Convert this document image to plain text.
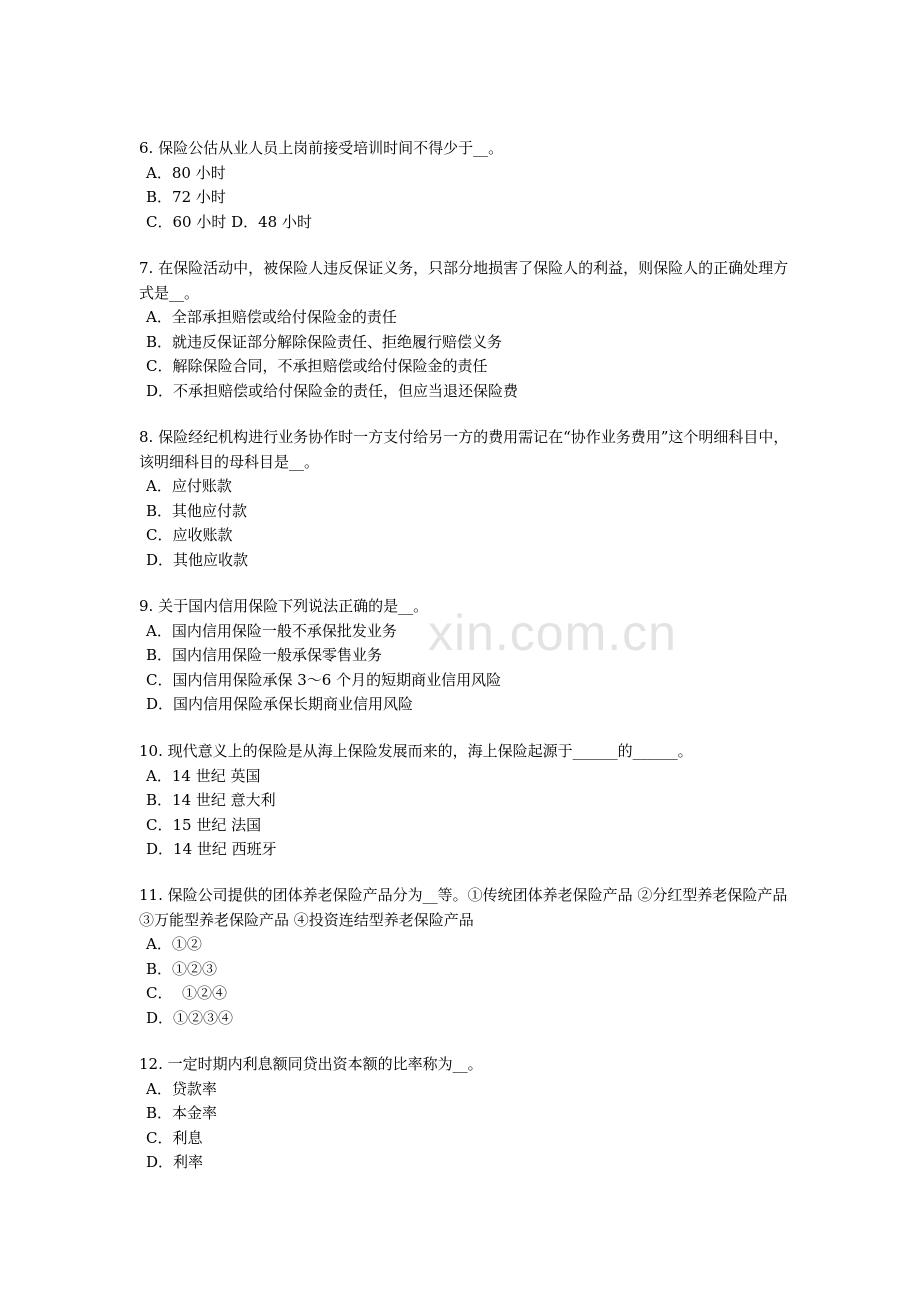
xin.com.cn

6. 保险公估从业人员上岗前接受培训时间不得少于__。

A．80 小时
B．72 小时
C．60 小时 D．48 小时

7. 在保险活动中，被保险人违反保证义务，只部分地损害了保险人的利益，则保险人的正确处理方式是__。

A．全部承担赔偿或给付保险金的责任
B．就违反保证部分解除保险责任、拒绝履行赔偿义务
C．解除保险合同，不承担赔偿或给付保险金的责任
D．不承担赔偿或给付保险金的责任，但应当退还保险费

8. 保险经纪机构进行业务协作时一方支付给另一方的费用需记在“协作业务费用”这个明细科目中，该明细科目的母科目是__。

A．应付账款
B．其他应付款
C．应收账款
D．其他应收款

9. 关于国内信用保险下列说法正确的是__。

A．国内信用保险一般不承保批发业务
B．国内信用保险一般承保零售业务
C．国内信用保险承保 3～6 个月的短期商业信用风险
D．国内信用保险承保长期商业信用风险

10. 现代意义上的保险是从海上保险发展而来的，海上保险起源于______的______。

A．14 世纪 英国
B．14 世纪 意大利
C．15 世纪 法国
D．14 世纪 西班牙

11. 保险公司提供的团体养老保险产品分为__等。①传统团体养老保险产品 ②分红型养老保险产品 ③万能型养老保险产品 ④投资连结型养老保险产品

A．①②
B．①②③
C．  ①②④
D．①②③④

12. 一定时期内利息额同贷出资本额的比率称为__。

A．贷款率
B．本金率
C．利息
D．利率
